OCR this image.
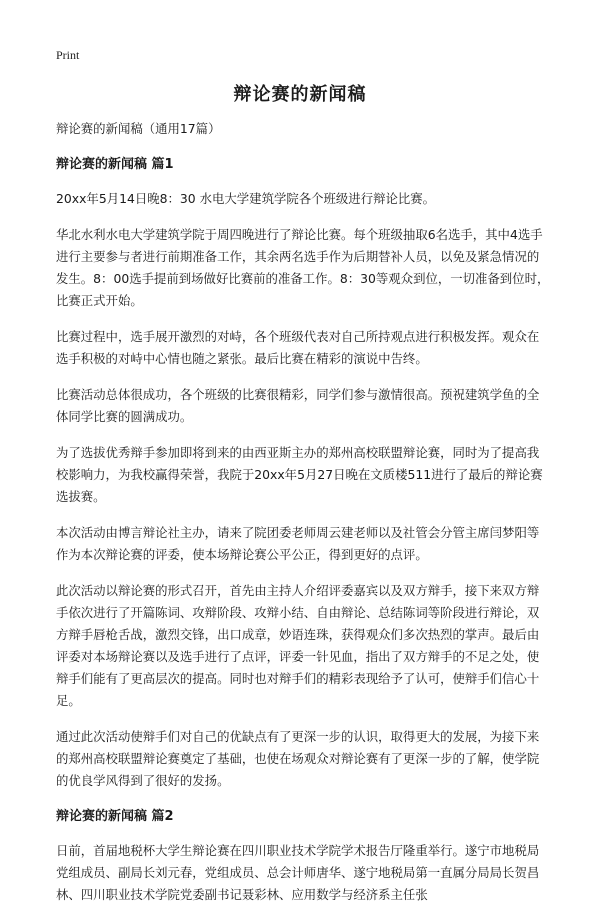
Print
辩论赛的新闻稿

辩论赛的新闻稿（通用17篇）

辩论赛的新闻稿 篇1

20xx年5月14日晚8：30 水电大学建筑学院各个班级进行辩论比赛。

华北水利水电大学建筑学院于周四晚进行了辩论比赛。每个班级抽取6名选手，其中4选手进行主要参与者进行前期准备工作，其余两名选手作为后期替补人员，以免及紧急情况的发生。8：00选手提前到场做好比赛前的准备工作。8：30等观众到位，一切准备到位时，比赛正式开始。

比赛过程中，选手展开激烈的对峙，各个班级代表对自己所持观点进行积极发挥。观众在选手积极的对峙中心情也随之紧张。最后比赛在精彩的演说中告终。

比赛活动总体很成功，各个班级的比赛很精彩，同学们参与激情很高。预祝建筑学鱼的全体同学比赛的圆满成功。

为了选拔优秀辩手参加即将到来的由西亚斯主办的郑州高校联盟辩论赛，同时为了提高我校影响力，为我校赢得荣誉，我院于20xx年5月27日晚在文质楼511进行了最后的辩论赛选拔赛。

本次活动由博言辩论社主办，请来了院团委老师周云建老师以及社管会分管主席闫梦阳等作为本次辩论赛的评委，使本场辩论赛公平公正，得到更好的点评。

此次活动以辩论赛的形式召开，首先由主持人介绍评委嘉宾以及双方辩手，接下来双方辩手依次进行了开篇陈词、攻辩阶段、攻辩小结、自由辩论、总结陈词等阶段进行辩论，双方辩手唇枪舌战，激烈交锋，出口成章，妙语连珠，获得观众们多次热烈的掌声。最后由评委对本场辩论赛以及选手进行了点评，评委一针见血，指出了双方辩手的不足之处，使辩手们能有了更高层次的提高。同时也对辩手们的精彩表现给予了认可，使辩手们信心十足。

通过此次活动使辩手们对自己的优缺点有了更深一步的认识，取得更大的发展，为接下来的郑州高校联盟辩论赛奠定了基础，也使在场观众对辩论赛有了更深一步的了解，使学院的优良学风得到了很好的发扬。

辩论赛的新闻稿 篇2

日前，首届地税杯大学生辩论赛在四川职业技术学院学术报告厅隆重举行。遂宁市地税局党组成员、副局长刘元春，党组成员、总会计师唐华、遂宁地税局第一直属分局局长贺昌林、四川职业技术学院党委副书记聂彩林、应用数学与经济系主任张
